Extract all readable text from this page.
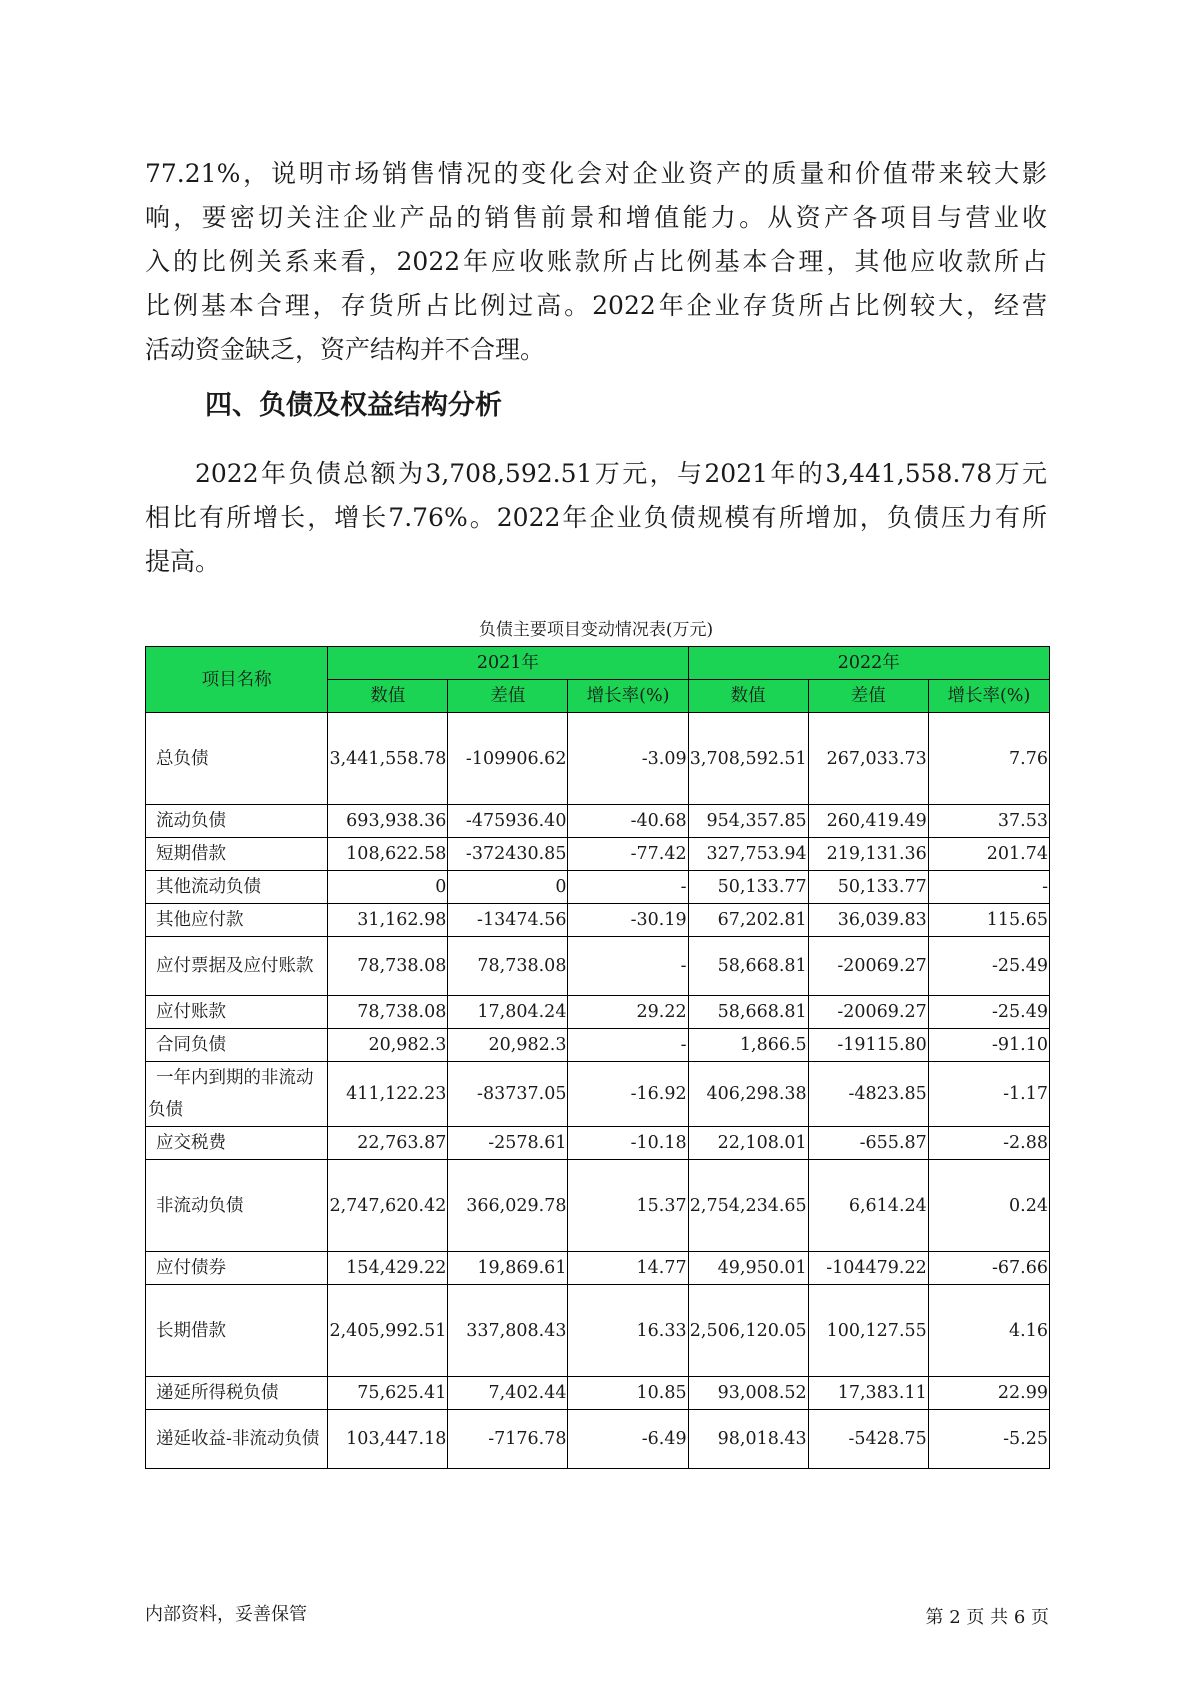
77.21%，说明市场销售情况的变化会对企业资产的质量和价值带来较大影
响，要密切关注企业产品的销售前景和增值能力。从资产各项目与营业收
入的比例关系来看，2022年应收账款所占比例基本合理，其他应收款所占
比例基本合理，存货所占比例过高。2022年企业存货所占比例较大，经营
活动资金缺乏，资产结构并不合理。
四、负债及权益结构分析
2022年负债总额为3,708,592.51万元，与2021年的3,441,558.78万元
相比有所增长，增长7.76%。2022年企业负债规模有所增加，负债压力有所
提高。
负债主要项目变动情况表(万元)
项目名称	2021年			2022年		
	数值	差值	增长率(%)	数值	差值	增长率(%)
总负债	3,441,558.78	-109906.62	-3.09	3,708,592.51	267,033.73	7.76
流动负债	693,938.36	-475936.40	-40.68	954,357.85	260,419.49	37.53
短期借款	108,622.58	-372430.85	-77.42	327,753.94	219,131.36	201.74
其他流动负债	0	0	-	50,133.77	50,133.77	-
其他应付款	31,162.98	-13474.56	-30.19	67,202.81	36,039.83	115.65
应付票据及应付账款	78,738.08	78,738.08	-	58,668.81	-20069.27	-25.49
应付账款	78,738.08	17,804.24	29.22	58,668.81	-20069.27	-25.49
合同负债	20,982.3	20,982.3	-	1,866.5	-19115.80	-91.10
一年内到期的非流动负债	411,122.23	-83737.05	-16.92	406,298.38	-4823.85	-1.17
应交税费	22,763.87	-2578.61	-10.18	22,108.01	-655.87	-2.88
非流动负债	2,747,620.42	366,029.78	15.37	2,754,234.65	6,614.24	0.24
应付债券	154,429.22	19,869.61	14.77	49,950.01	-104479.22	-67.66
长期借款	2,405,992.51	337,808.43	16.33	2,506,120.05	100,127.55	4.16
递延所得税负债	75,625.41	7,402.44	10.85	93,008.52	17,383.11	22.99
递延收益-非流动负债	103,447.18	-7176.78	-6.49	98,018.43	-5428.75	-5.25
内部资料，妥善保管	第 2 页 共 6 页
